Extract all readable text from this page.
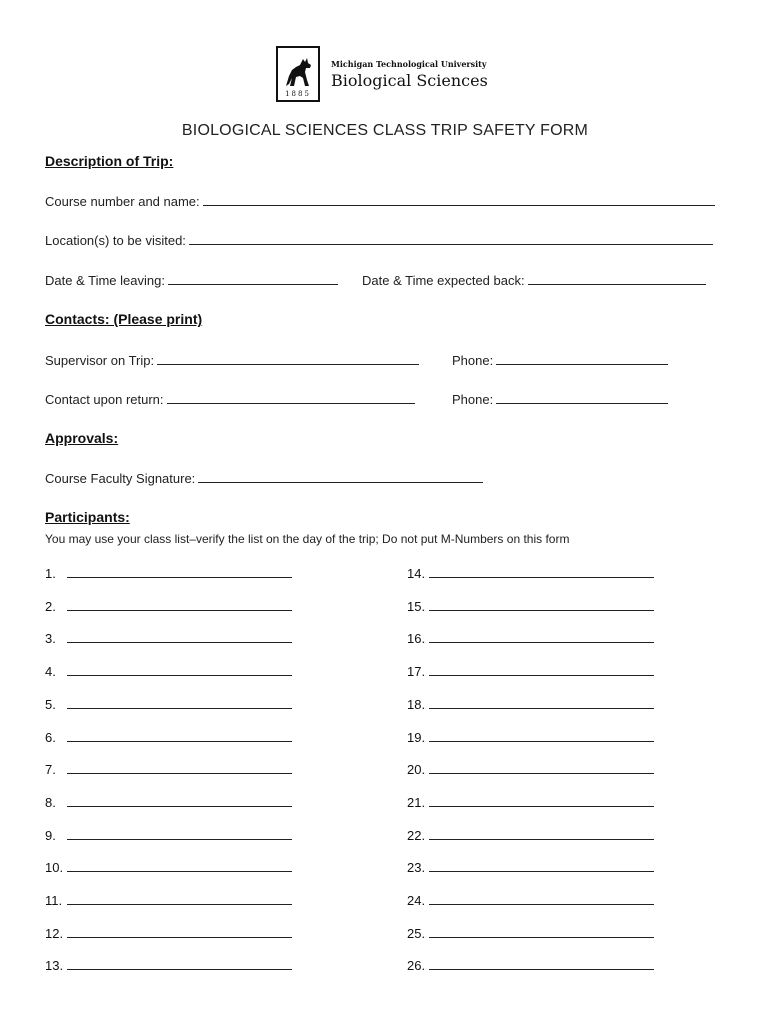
1885
Michigan Technological University
Biological Sciences
BIOLOGICAL SCIENCES CLASS TRIP SAFETY FORM
Description of Trip:
Course number and name:
Location(s) to be visited:
Date & Time leaving:	Date & Time expected back:
Contacts: (Please print)
Supervisor on Trip:	Phone:
Contact upon return:	Phone:
Approvals:
Course Faculty Signature:
Participants:
You may use your class list–verify the list on the day of the trip; Do not put M-Numbers on this form
1.
2.
3.
4.
5.
6.
7.
8.
9.
10.
11.
12.
13.
14.
15.
16.
17.
18.
19.
20.
21.
22.
23.
24.
25.
26.
